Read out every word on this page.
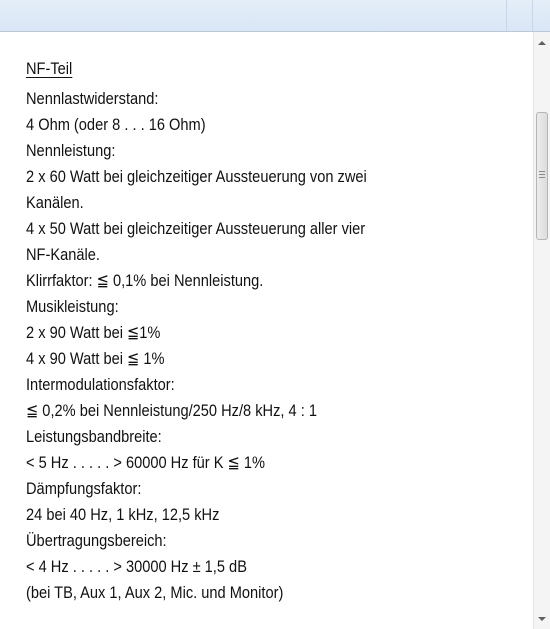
NF-Teil
Nennlastwiderstand:
4 Ohm (oder 8 . . . 16 Ohm)
Nennleistung:
2 x 60 Watt bei gleichzeitiger Aussteuerung von zwei
Kanälen.
4 x 50 Watt bei gleichzeitiger Aussteuerung aller vier
NF-Kanäle.
Klirrfaktor: ≦ 0,1% bei Nennleistung.
Musikleistung:
2 x 90 Watt bei ≦1%
4 x 90 Watt bei ≦ 1%
Intermodulationsfaktor:
≦ 0,2% bei Nennleistung/250 Hz/8 kHz, 4 : 1
Leistungsbandbreite:
< 5 Hz . . . . . > 60000 Hz für K ≦ 1%
Dämpfungsfaktor:
24 bei 40 Hz, 1 kHz, 12,5 kHz
Übertragungsbereich:
< 4 Hz . . . . . > 30000 Hz ± 1,5 dB
(bei TB, Aux 1, Aux 2, Mic. und Monitor)
